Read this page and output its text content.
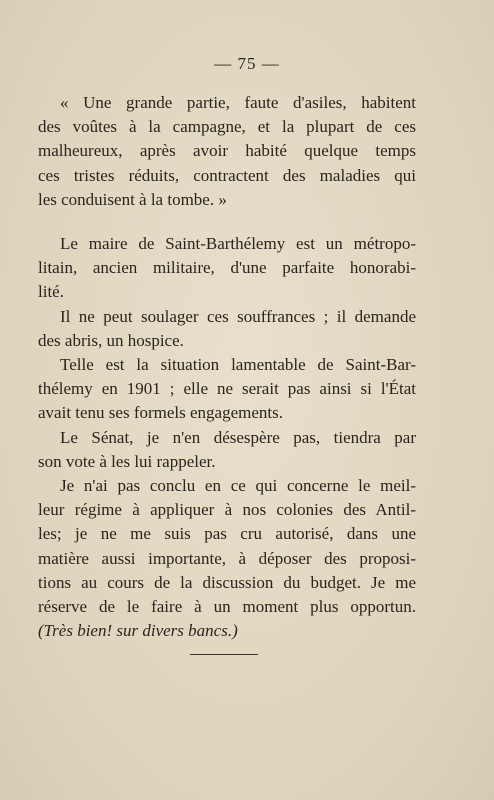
— 75 —
« Une grande partie, faute d'asiles, habitent
des voûtes à la campagne, et la plupart de ces
malheureux, après avoir habité quelque temps
ces tristes réduits, contractent des maladies qui
les conduisent à la tombe. »
Le maire de Saint-Barthélemy est un métropo-
litain, ancien militaire, d'une parfaite honorabi-
lité.
Il ne peut soulager ces souffrances ; il demande
des abris, un hospice.
Telle est la situation lamentable de Saint-Bar-
thélemy en 1901 ; elle ne serait pas ainsi si l'État
avait tenu ses formels engagements.
Le Sénat, je n'en désespère pas, tiendra par
son vote à les lui rappeler.
Je n'ai pas conclu en ce qui concerne le meil-
leur régime à appliquer à nos colonies des Antil-
les; je ne me suis pas cru autorisé, dans une
matière aussi importante, à déposer des proposi-
tions au cours de la discussion du budget. Je me
réserve de le faire à un moment plus opportun.
(Très bien! sur divers bancs.)
